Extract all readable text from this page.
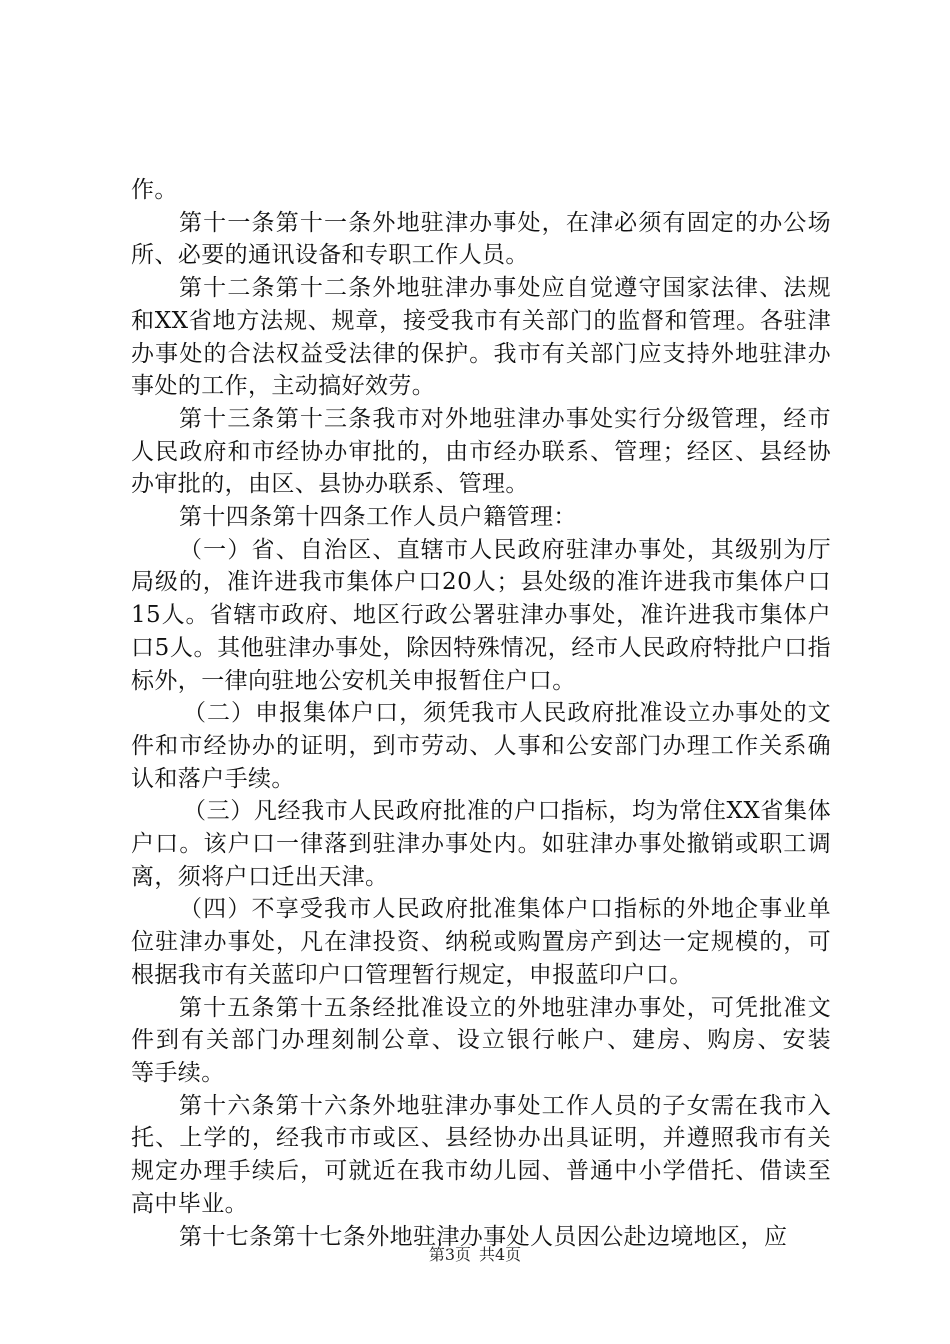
作。

第十一条第十一条外地驻津办事处，在津必须有固定的办公场所、必要的通讯设备和专职工作人员。

第十二条第十二条外地驻津办事处应自觉遵守国家法律、法规和XX省地方法规、规章，接受我市有关部门的监督和管理。各驻津办事处的合法权益受法律的保护。我市有关部门应支持外地驻津办事处的工作，主动搞好效劳。

第十三条第十三条我市对外地驻津办事处实行分级管理，经市人民政府和市经协办审批的，由市经办联系、管理；经区、县经协办审批的，由区、县协办联系、管理。

第十四条第十四条工作人员户籍管理：

（一）省、自治区、直辖市人民政府驻津办事处，其级别为厅局级的，准许进我市集体户口20人；县处级的准许进我市集体户口15人。省辖市政府、地区行政公署驻津办事处，准许进我市集体户口5人。其他驻津办事处，除因特殊情况，经市人民政府特批户口指标外，一律向驻地公安机关申报暂住户口。

（二）申报集体户口，须凭我市人民政府批准设立办事处的文件和市经协办的证明，到市劳动、人事和公安部门办理工作关系确认和落户手续。

（三）凡经我市人民政府批准的户口指标，均为常住XX省集体户口。该户口一律落到驻津办事处内。如驻津办事处撤销或职工调离，须将户口迁出天津。

（四）不享受我市人民政府批准集体户口指标的外地企事业单位驻津办事处，凡在津投资、纳税或购置房产到达一定规模的，可根据我市有关蓝印户口管理暂行规定，申报蓝印户口。

第十五条第十五条经批准设立的外地驻津办事处，可凭批准文件到有关部门办理刻制公章、设立银行帐户、建房、购房、安装　　等手续。

第十六条第十六条外地驻津办事处工作人员的子女需在我市入托、上学的，经我市市或区、县经协办出具证明，并遵照我市有关规定办理手续后，可就近在我市幼儿园、普通中小学借托、借读至高中毕业。

第十七条第十七条外地驻津办事处人员因公赴边境地区，应

第3页 共4页
